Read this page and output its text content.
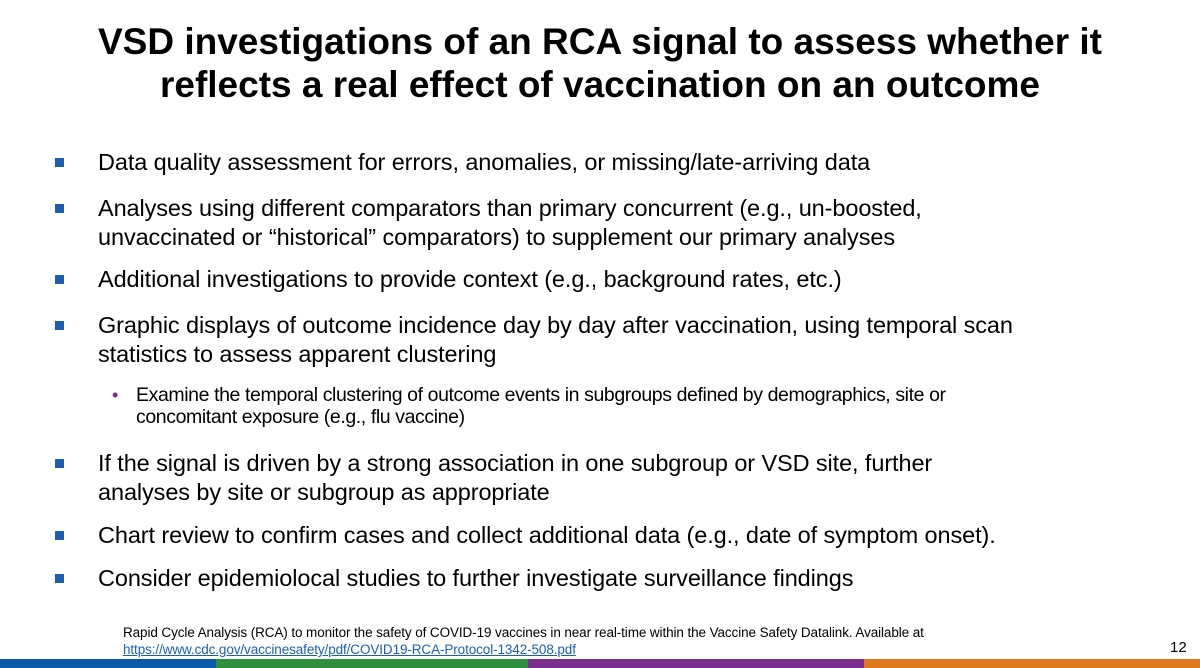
VSD investigations of an RCA signal to assess whether it
reflects a real effect of vaccination on an outcome
Data quality assessment for errors, anomalies, or missing/late-arriving data
Analyses using different comparators than primary concurrent (e.g., un-boosted,
unvaccinated or “historical” comparators) to supplement our primary analyses
Additional investigations to provide context (e.g., background rates, etc.)
Graphic displays of outcome incidence day by day after vaccination, using temporal scan
statistics to assess apparent clustering
• Examine the temporal clustering of outcome events in subgroups defined by demographics, site or
concomitant exposure (e.g., flu vaccine)
If the signal is driven by a strong association in one subgroup or VSD site, further
analyses by site or subgroup as appropriate
Chart review to confirm cases and collect additional data (e.g., date of symptom onset).
Consider epidemiolocal studies to further investigate surveillance findings
Rapid Cycle Analysis (RCA) to monitor the safety of COVID-19 vaccines in near real-time within the Vaccine Safety Datalink. Available at
https://www.cdc.gov/vaccinesafety/pdf/COVID19-RCA-Protocol-1342-508.pdf	12
